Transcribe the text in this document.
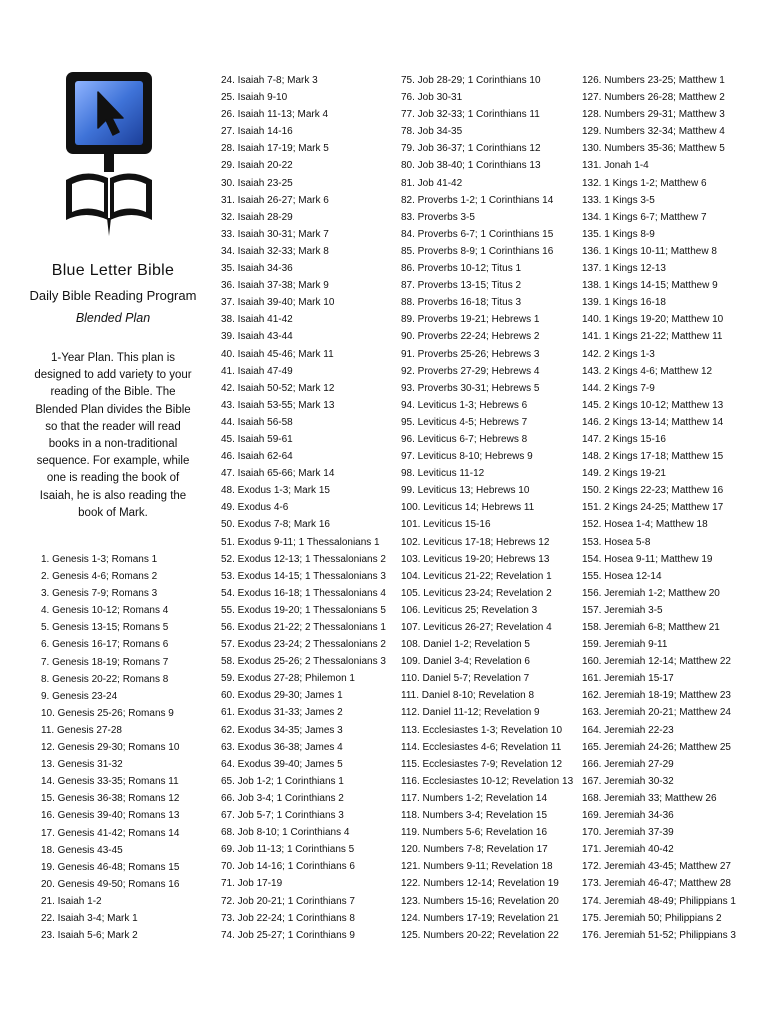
Blue Letter Bible
Daily Bible Reading Program
Blended Plan
1-Year Plan. This plan is designed to add variety to your reading of the Bible. The Blended Plan divides the Bible so that the reader will read books in a non-traditional sequence. For example, while one is reading the book of Isaiah, he is also reading the book of Mark.
1. Genesis 1-3; Romans 1
2. Genesis 4-6; Romans 2
3. Genesis 7-9; Romans 3
4. Genesis 10-12; Romans 4
5. Genesis 13-15; Romans 5
6. Genesis 16-17; Romans 6
7. Genesis 18-19; Romans 7
8. Genesis 20-22; Romans 8
9. Genesis 23-24
10. Genesis 25-26; Romans 9
11. Genesis 27-28
12. Genesis 29-30; Romans 10
13. Genesis 31-32
14. Genesis 33-35; Romans 11
15. Genesis 36-38; Romans 12
16. Genesis 39-40; Romans 13
17. Genesis 41-42; Romans 14
18. Genesis 43-45
19. Genesis 46-48; Romans 15
20. Genesis 49-50; Romans 16
21. Isaiah 1-2
22. Isaiah 3-4; Mark 1
23. Isaiah 5-6; Mark 2
24. Isaiah 7-8; Mark 3
25. Isaiah 9-10
26. Isaiah 11-13; Mark 4
27. Isaiah 14-16
28. Isaiah 17-19; Mark 5
29. Isaiah 20-22
30. Isaiah 23-25
31. Isaiah 26-27; Mark 6
32. Isaiah 28-29
33. Isaiah 30-31; Mark 7
34. Isaiah 32-33; Mark 8
35. Isaiah 34-36
36. Isaiah 37-38; Mark 9
37. Isaiah 39-40; Mark 10
38. Isaiah 41-42
39. Isaiah 43-44
40. Isaiah 45-46; Mark 11
41. Isaiah 47-49
42. Isaiah 50-52; Mark 12
43. Isaiah 53-55; Mark 13
44. Isaiah 56-58
45. Isaiah 59-61
46. Isaiah 62-64
47. Isaiah 65-66; Mark 14
48. Exodus 1-3; Mark 15
49. Exodus 4-6
50. Exodus 7-8; Mark 16
51. Exodus 9-11; 1 Thessalonians 1
52. Exodus 12-13; 1 Thessalonians 2
53. Exodus 14-15; 1 Thessalonians 3
54. Exodus 16-18; 1 Thessalonians 4
55. Exodus 19-20; 1 Thessalonians 5
56. Exodus 21-22; 2 Thessalonians 1
57. Exodus 23-24; 2 Thessalonians 2
58. Exodus 25-26; 2 Thessalonians 3
59. Exodus 27-28; Philemon 1
60. Exodus 29-30; James 1
61. Exodus 31-33; James 2
62. Exodus 34-35; James 3
63. Exodus 36-38; James 4
64. Exodus 39-40; James 5
65. Job 1-2; 1 Corinthians 1
66. Job 3-4; 1 Corinthians 2
67. Job 5-7; 1 Corinthians 3
68. Job 8-10; 1 Corinthians 4
69. Job 11-13; 1 Corinthians 5
70. Job 14-16; 1 Corinthians 6
71. Job 17-19
72. Job 20-21; 1 Corinthians 7
73. Job 22-24; 1 Corinthians 8
74. Job 25-27; 1 Corinthians 9
75. Job 28-29; 1 Corinthians 10
76. Job 30-31
77. Job 32-33; 1 Corinthians 11
78. Job 34-35
79. Job 36-37; 1 Corinthians 12
80. Job 38-40; 1 Corinthians 13
81. Job 41-42
82. Proverbs 1-2; 1 Corinthians 14
83. Proverbs 3-5
84. Proverbs 6-7; 1 Corinthians 15
85. Proverbs 8-9; 1 Corinthians 16
86. Proverbs 10-12; Titus 1
87. Proverbs 13-15; Titus 2
88. Proverbs 16-18; Titus 3
89. Proverbs 19-21; Hebrews 1
90. Proverbs 22-24; Hebrews 2
91. Proverbs 25-26; Hebrews 3
92. Proverbs 27-29; Hebrews 4
93. Proverbs 30-31; Hebrews 5
94. Leviticus 1-3; Hebrews 6
95. Leviticus 4-5; Hebrews 7
96. Leviticus 6-7; Hebrews 8
97. Leviticus 8-10; Hebrews 9
98. Leviticus 11-12
99. Leviticus 13; Hebrews 10
100. Leviticus 14; Hebrews 11
101. Leviticus 15-16
102. Leviticus 17-18; Hebrews 12
103. Leviticus 19-20; Hebrews 13
104. Leviticus 21-22; Revelation 1
105. Leviticus 23-24; Revelation 2
106. Leviticus 25; Revelation 3
107. Leviticus 26-27; Revelation 4
108. Daniel 1-2; Revelation 5
109. Daniel 3-4; Revelation 6
110. Daniel 5-7; Revelation 7
111. Daniel 8-10; Revelation 8
112. Daniel 11-12; Revelation 9
113. Ecclesiastes 1-3; Revelation 10
114. Ecclesiastes 4-6; Revelation 11
115. Ecclesiastes 7-9; Revelation 12
116. Ecclesiastes 10-12; Revelation 13
117. Numbers 1-2; Revelation 14
118. Numbers 3-4; Revelation 15
119. Numbers 5-6; Revelation 16
120. Numbers 7-8; Revelation 17
121. Numbers 9-11; Revelation 18
122. Numbers 12-14; Revelation 19
123. Numbers 15-16; Revelation 20
124. Numbers 17-19; Revelation 21
125. Numbers 20-22; Revelation 22
126. Numbers 23-25; Matthew 1
127. Numbers 26-28; Matthew 2
128. Numbers 29-31; Matthew 3
129. Numbers 32-34; Matthew 4
130. Numbers 35-36; Matthew 5
131. Jonah 1-4
132. 1 Kings 1-2; Matthew 6
133. 1 Kings 3-5
134. 1 Kings 6-7; Matthew 7
135. 1 Kings 8-9
136. 1 Kings 10-11; Matthew 8
137. 1 Kings 12-13
138. 1 Kings 14-15; Matthew 9
139. 1 Kings 16-18
140. 1 Kings 19-20; Matthew 10
141. 1 Kings 21-22; Matthew 11
142. 2 Kings 1-3
143. 2 Kings 4-6; Matthew 12
144. 2 Kings 7-9
145. 2 Kings 10-12; Matthew 13
146. 2 Kings 13-14; Matthew 14
147. 2 Kings 15-16
148. 2 Kings 17-18; Matthew 15
149. 2 Kings 19-21
150. 2 Kings 22-23; Matthew 16
151. 2 Kings 24-25; Matthew 17
152. Hosea 1-4; Matthew 18
153. Hosea 5-8
154. Hosea 9-11; Matthew 19
155. Hosea 12-14
156. Jeremiah 1-2; Matthew 20
157. Jeremiah 3-5
158. Jeremiah 6-8; Matthew 21
159. Jeremiah 9-11
160. Jeremiah 12-14; Matthew 22
161. Jeremiah 15-17
162. Jeremiah 18-19; Matthew 23
163. Jeremiah 20-21; Matthew 24
164. Jeremiah 22-23
165. Jeremiah 24-26; Matthew 25
166. Jeremiah 27-29
167. Jeremiah 30-32
168. Jeremiah 33; Matthew 26
169. Jeremiah 34-36
170. Jeremiah 37-39
171. Jeremiah 40-42
172. Jeremiah 43-45; Matthew 27
173. Jeremiah 46-47; Matthew 28
174. Jeremiah 48-49; Philippians 1
175. Jeremiah 50; Philippians 2
176. Jeremiah 51-52; Philippians 3
